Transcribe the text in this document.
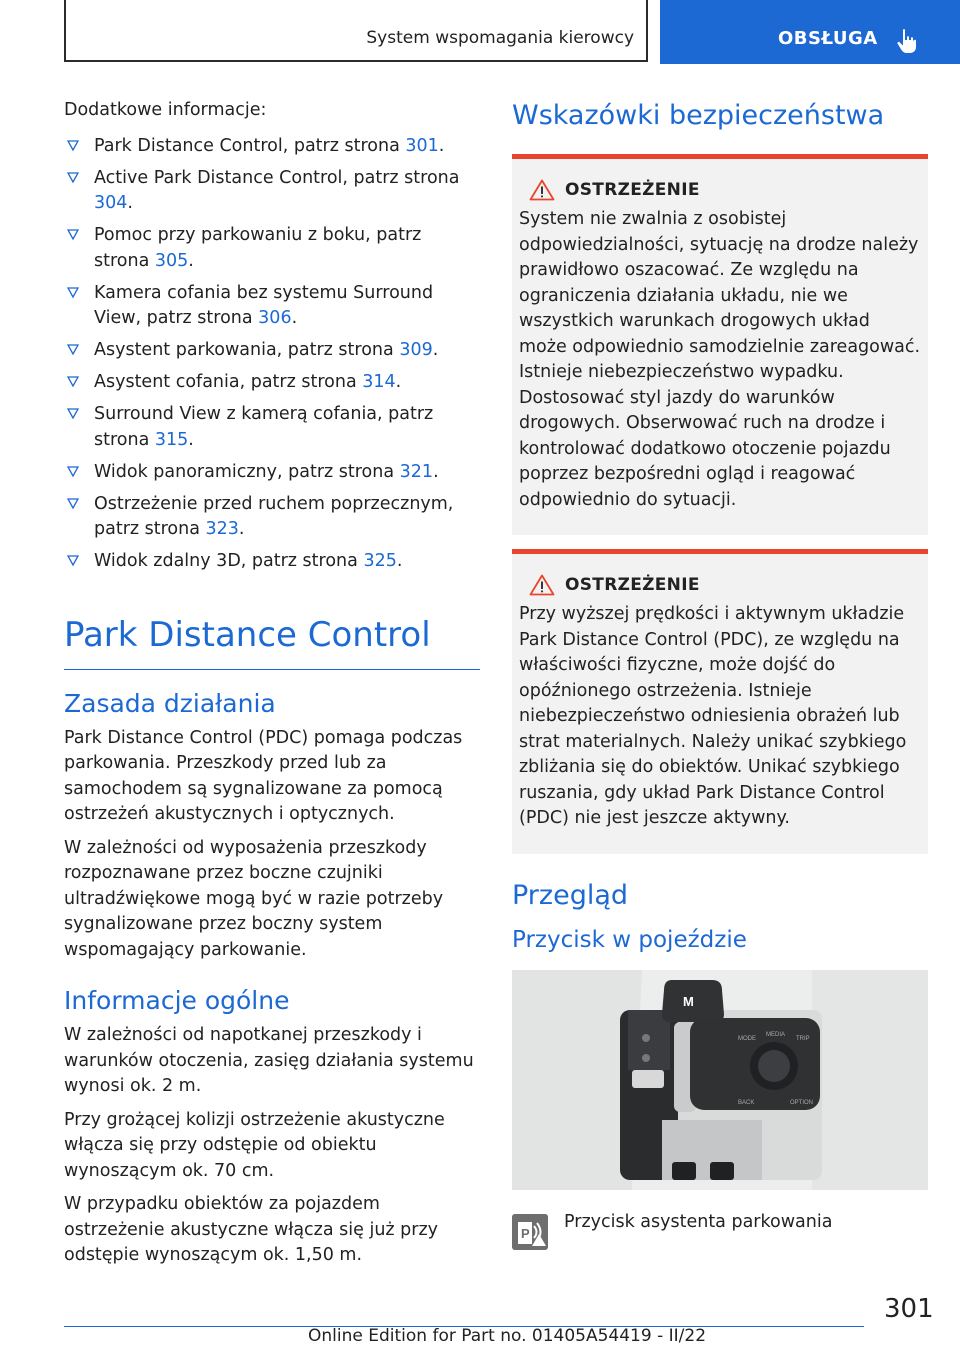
System wspomagania kierowcy	OBSŁUGA

Dodatkowe informacje:

Park Distance Control, patrz strona 301.
Active Park Distance Control, patrz strona 304.
Pomoc przy parkowaniu z boku, patrz strona 305.
Kamera cofania bez systemu Surround View, patrz strona 306.
Asystent parkowania, patrz strona 309.
Asystent cofania, patrz strona 314.
Surround View z kamerą cofania, patrz strona 315.
Widok panoramiczny, patrz strona 321.
Ostrzeżenie przed ruchem poprzecznym, patrz strona 323.
Widok zdalny 3D, patrz strona 325.
Park Distance Control
Zasada działania

Park Distance Control (PDC) pomaga podczas parkowania. Przeszkody przed lub za samochodem są sygnalizowane za pomocą ostrzeżeń akustycznych i optycznych.

W zależności od wyposażenia przeszkody rozpoznawane przez boczne czujniki ultradźwiękowe mogą być w razie potrzeby sygnalizowane przez boczny system wspomagający parkowanie.

Informacje ogólne

W zależności od napotkanej przeszkody i warunków otoczenia, zasięg działania systemu wynosi ok. 2 m.

Przy grożącej kolizji ostrzeżenie akustyczne włącza się przy odstępie od obiektu wynoszącym ok. 70 cm.

W przypadku obiektów za pojazdem ostrzeżenie akustyczne włącza się już przy odstępie wynoszącym ok. 1,50 m.

Wskazówki bezpieczeństwa
OSTRZEŻENIE

System nie zwalnia z osobistej odpowiedzialności, sytuację na drodze należy prawidłowo oszacować. Ze względu na ograniczenia działania układu, nie we wszystkich warunkach drogowych układ może odpowiednio samodzielnie zareagować. Istnieje niebezpieczeństwo wypadku. Dostosować styl jazdy do warunków drogowych. Obserwować ruch na drodze i kontrolować dodatkowo otoczenie pojazdu poprzez bezpośredni ogląd i reagować odpowiednio do sytuacji.

OSTRZEŻENIE

Przy wyższej prędkości i aktywnym układzie Park Distance Control (PDC), ze względu na właściwości fizyczne, może dojść do opóźnionego ostrzeżenia. Istnieje niebezpieczeństwo odniesienia obrażeń lub strat materialnych. Należy unikać szybkiego zbliżania się do obiektów. Unikać szybkiego ruszania, gdy układ Park Distance Control (PDC) nie jest jeszcze aktywny.

Przegląd
Przycisk w pojeździe
M
MODE
MEDIA
TRIP
BACK	OPTION
P
Przycisk asystenta parkowania
301
Online Edition for Part no. 01405A54419 - II/22
